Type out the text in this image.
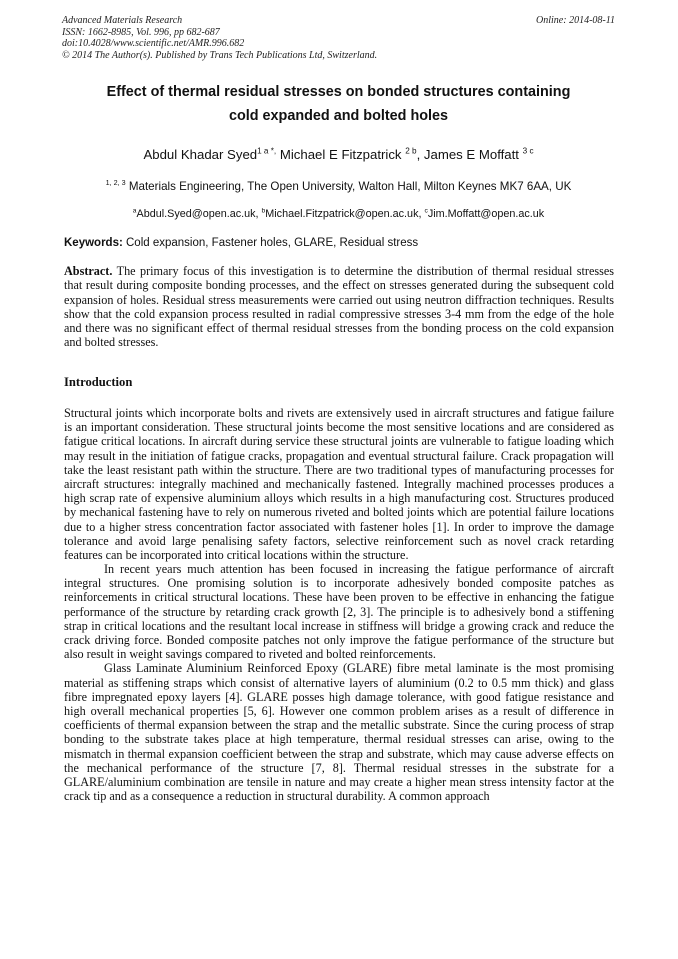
Advanced Materials Research	Online: 2014-08-11
ISSN: 1662-8985, Vol. 996, pp 682-687
doi:10.4028/www.scientific.net/AMR.996.682
© 2014 The Author(s). Published by Trans Tech Publications Ltd, Switzerland.
Effect of thermal residual stresses on bonded structures containing
cold expanded and bolted holes
Abdul Khadar Syed$^{1 a *,}$ Michael E Fitzpatrick $^{2 b}$, James E Moffatt $^{3 c}$
$^{1, 2, 3}$ Materials Engineering, The Open University, Walton Hall, Milton Keynes MK7 6AA, UK
$^a$Abdul.Syed@open.ac.uk, $^b$Michael.Fitzpatrick@open.ac.uk, $^c$Jim.Moffatt@open.ac.uk
Keywords: Cold expansion, Fastener holes, GLARE, Residual stress
Abstract. The primary focus of this investigation is to determine the distribution of thermal residual stresses that result during composite bonding processes, and the effect on stresses generated during the subsequent cold expansion of holes. Residual stress measurements were carried out using neutron diffraction techniques. Results show that the cold expansion process resulted in radial compressive stresses 3-4 mm from the edge of the hole and there was no significant effect of thermal residual stresses from the bonding process on the cold expansion and bolted stresses.
Introduction

Structural joints which incorporate bolts and rivets are extensively used in aircraft structures and fatigue failure is an important consideration. These structural joints become the most sensitive locations and are considered as fatigue critical locations. In aircraft during service these structural joints are vulnerable to fatigue loading which may result in the initiation of fatigue cracks, propagation and eventual structural failure. Crack propagation will take the least resistant path within the structure. There are two traditional types of manufacturing processes for aircraft structures: integrally machined and mechanically fastened. Integrally machined processes produces a high scrap rate of expensive aluminium alloys which results in a high manufacturing cost. Structures produced by mechanical fastening have to rely on numerous riveted and bolted joints which are potential failure locations due to a higher stress concentration factor associated with fastener holes [1]. In order to improve the damage tolerance and avoid large penalising safety factors, selective reinforcement such as novel crack retarding features can be incorporated into critical locations within the structure.

In recent years much attention has been focused in increasing the fatigue performance of aircraft integral structures. One promising solution is to incorporate adhesively bonded composite patches as reinforcements in critical structural locations. These have been proven to be effective in enhancing the fatigue performance of the structure by retarding crack growth [2, 3]. The principle is to adhesively bond a stiffening strap in critical locations and the resultant local increase in stiffness will bridge a growing crack and reduce the crack driving force. Bonded composite patches not only improve the fatigue performance of the structure but also result in weight savings compared to riveted and bolted reinforcements.

Glass Laminate Aluminium Reinforced Epoxy (GLARE) fibre metal laminate is the most promising material as stiffening straps which consist of alternative layers of aluminium (0.2 to 0.5 mm thick) and glass fibre impregnated epoxy layers [4]. GLARE posses high damage tolerance, with good fatigue resistance and high overall mechanical properties [5, 6]. However one common problem arises as a result of difference in coefficients of thermal expansion between the strap and the metallic substrate. Since the curing process of strap bonding to the substrate takes place at high temperature, thermal residual stresses can arise, owing to the mismatch in thermal expansion coefficient between the strap and substrate, which may cause adverse effects on the mechanical performance of the structure [7, 8]. Thermal residual stresses in the substrate for a GLARE/aluminium combination are tensile in nature and may create a higher mean stress intensity factor at the crack tip and as a consequence a reduction in structural durability. A common approach
